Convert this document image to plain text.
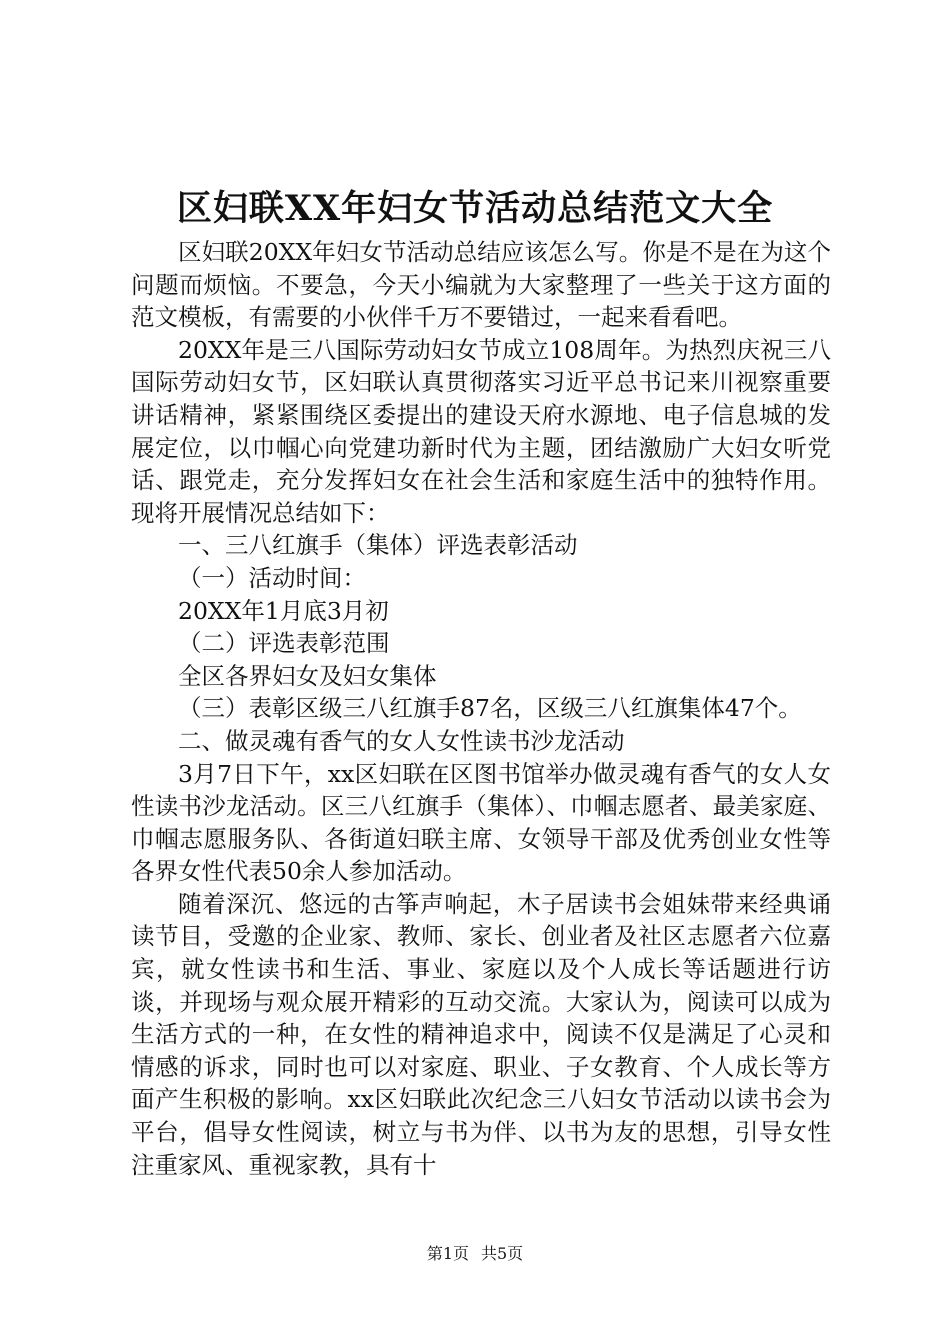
区妇联XX年妇女节活动总结范文大全

区妇联20XX年妇女节活动总结应该怎么写。你是不是在为这个问题而烦恼。不要急，今天小编就为大家整理了一些关于这方面的范文模板，有需要的小伙伴千万不要错过，一起来看看吧。

20XX年是三八国际劳动妇女节成立108周年。为热烈庆祝三八国际劳动妇女节，区妇联认真贯彻落实习近平总书记来川视察重要讲话精神，紧紧围绕区委提出的建设天府水源地、电子信息城的发展定位，以巾帼心向党建功新时代为主题，团结激励广大妇女听党话、跟党走，充分发挥妇女在社会生活和家庭生活中的独特作用。现将开展情况总结如下：

一、三八红旗手（集体）评选表彰活动

（一）活动时间：

20XX年1月底3月初

（二）评选表彰范围

全区各界妇女及妇女集体

（三）表彰区级三八红旗手87名，区级三八红旗集体47个。

二、做灵魂有香气的女人女性读书沙龙活动

3月7日下午，xx区妇联在区图书馆举办做灵魂有香气的女人女性读书沙龙活动。区三八红旗手（集体）、巾帼志愿者、最美家庭、巾帼志愿服务队、各街道妇联主席、女领导干部及优秀创业女性等各界女性代表50余人参加活动。

随着深沉、悠远的古筝声响起，木子居读书会姐妹带来经典诵读节目，受邀的企业家、教师、家长、创业者及社区志愿者六位嘉宾，就女性读书和生活、事业、家庭以及个人成长等话题进行访谈，并现场与观众展开精彩的互动交流。大家认为，阅读可以成为生活方式的一种，在女性的精神追求中，阅读不仅是满足了心灵和情感的诉求，同时也可以对家庭、职业、子女教育、个人成长等方面产生积极的影响。xx区妇联此次纪念三八妇女节活动以读书会为平台，倡导女性阅读，树立与书为伴、以书为友的思想，引导女性注重家风、重视家教，具有十

第1页 共5页
